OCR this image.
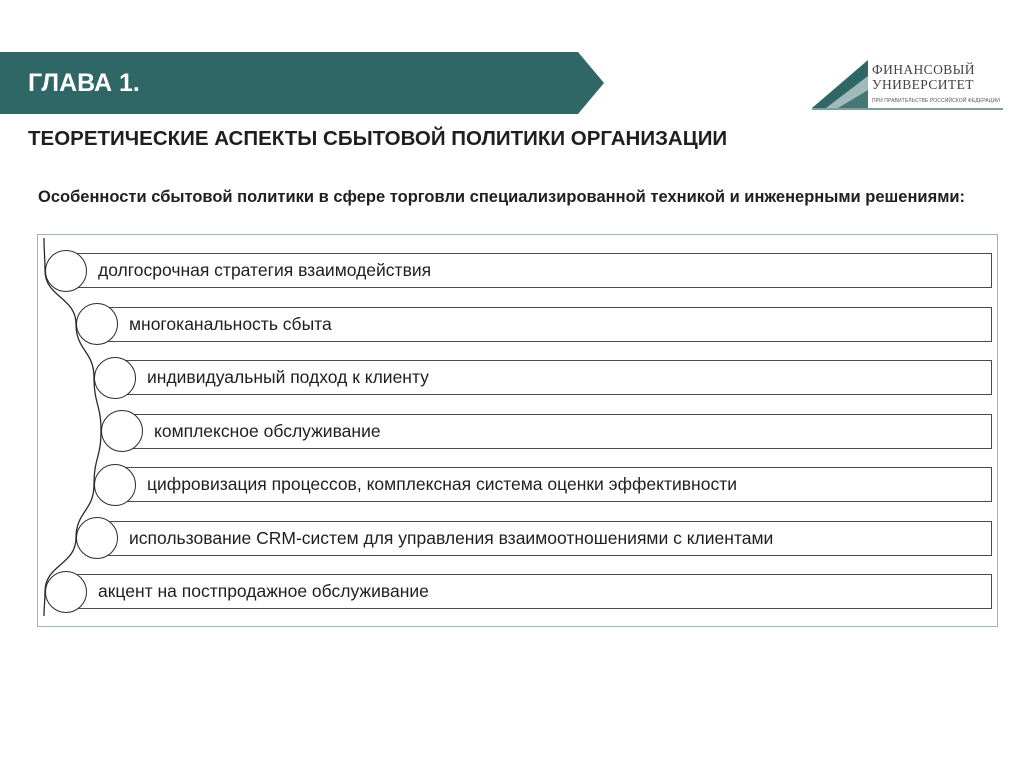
ГЛАВА 1.	ФИНАНСОВЫЙ
УНИВЕРСИТЕТ
ПРИ ПРАВИТЕЛЬСТВЕ РОССИЙСКОЙ ФЕДЕРАЦИИ
ТЕОРЕТИЧЕСКИЕ АСПЕКТЫ СБЫТОВОЙ ПОЛИТИКИ ОРГАНИЗАЦИИ
Особенности сбытовой политики в сфере торговли специализированной техникой и инженерными решениями:
долгосрочная стратегия взаимодействия
многоканальность сбыта
индивидуальный подход к клиенту
комплексное обслуживание
цифровизация процессов, комплексная система оценки эффективности
использование CRM-систем для управления взаимоотношениями с клиентами
акцент на постпродажное обслуживание
